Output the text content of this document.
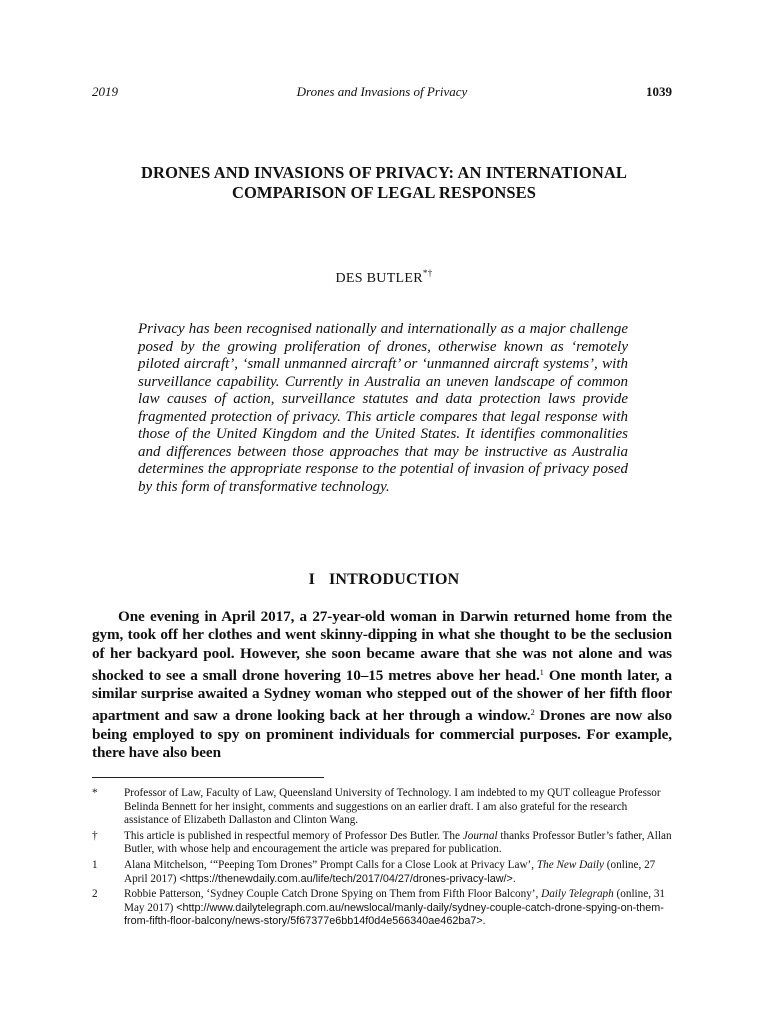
2019	Drones and Invasions of Privacy	1039
DRONES AND INVASIONS OF PRIVACY: AN INTERNATIONAL
COMPARISON OF LEGAL RESPONSES
DES BUTLER*†
Privacy has been recognised nationally and internationally as a major challenge posed by the growing proliferation of drones, otherwise known as ‘remotely piloted aircraft’, ‘small unmanned aircraft’ or ‘unmanned aircraft systems’, with surveillance capability. Currently in Australia an uneven landscape of common law causes of action, surveillance statutes and data protection laws provide fragmented protection of privacy. This article compares that legal response with those of the United Kingdom and the United States. It identifies commonalities and differences between those approaches that may be instructive as Australia determines the appropriate response to the potential of invasion of privacy posed by this form of transformative technology.
I INTRODUCTION

One evening in April 2017, a 27-year-old woman in Darwin returned home from the gym, took off her clothes and went skinny-dipping in what she thought to be the seclusion of her backyard pool. However, she soon became aware that she was not alone and was shocked to see a small drone hovering 10–15 metres above her head.$^1$ One month later, a similar surprise awaited a Sydney woman who stepped out of the shower of her fifth floor apartment and saw a drone looking back at her through a window.$^2$ Drones are now also being employed to spy on prominent individuals for commercial purposes. For example, there have also been

* Professor of Law, Faculty of Law, Queensland University of Technology. I am indebted to my QUT colleague Professor Belinda Bennett for her insight, comments and suggestions on an earlier draft. I am also grateful for the research assistance of Elizabeth Dallaston and Clinton Wang.
† This article is published in respectful memory of Professor Des Butler. The Journal thanks Professor Butler’s father, Allan Butler, with whose help and encouragement the article was prepared for publication.
1 Alana Mitchelson, ‘“Peeping Tom Drones” Prompt Calls for a Close Look at Privacy Law’, The New Daily (online, 27 April 2017) <https://thenewdaily.com.au/life/tech/2017/04/27/drones-privacy-law/>.
2 Robbie Patterson, ‘Sydney Couple Catch Drone Spying on Them from Fifth Floor Balcony’, Daily Telegraph (online, 31 May 2017) <http://www.dailytelegraph.com.au/newslocal/manly-daily/sydney-couple-catch-drone-spying-on-them-from-fifth-floor-balcony/news-story/5f67377e6bb14f0d4e566340ae462ba7>.
